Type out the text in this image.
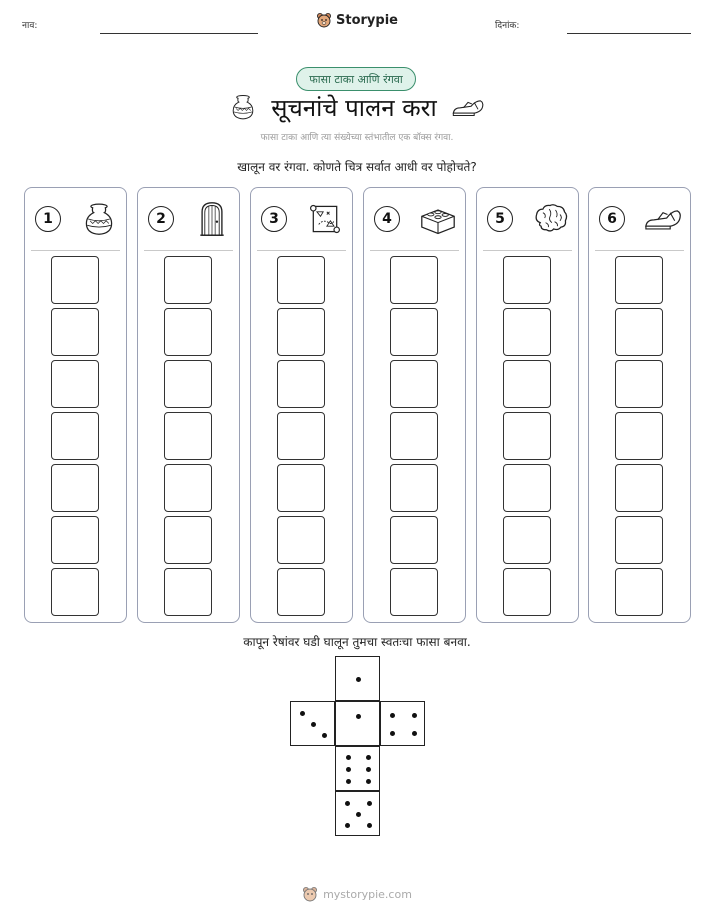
नाव:	Storypie	दिनांक:
फासा टाका आणि रंगवा
सूचनांचे पालन करा
फासा टाका आणि त्या संख्येच्या स्तंभातील एक बॉक्स रंगवा.
खालून वर रंगवा. कोणते चित्र सर्वात आधी वर पोहोचते?
1	2	3	4	5	6
कापून रेषांवर घडी घालून तुमचा स्वतःचा फासा बनवा.
mystorypie.com
